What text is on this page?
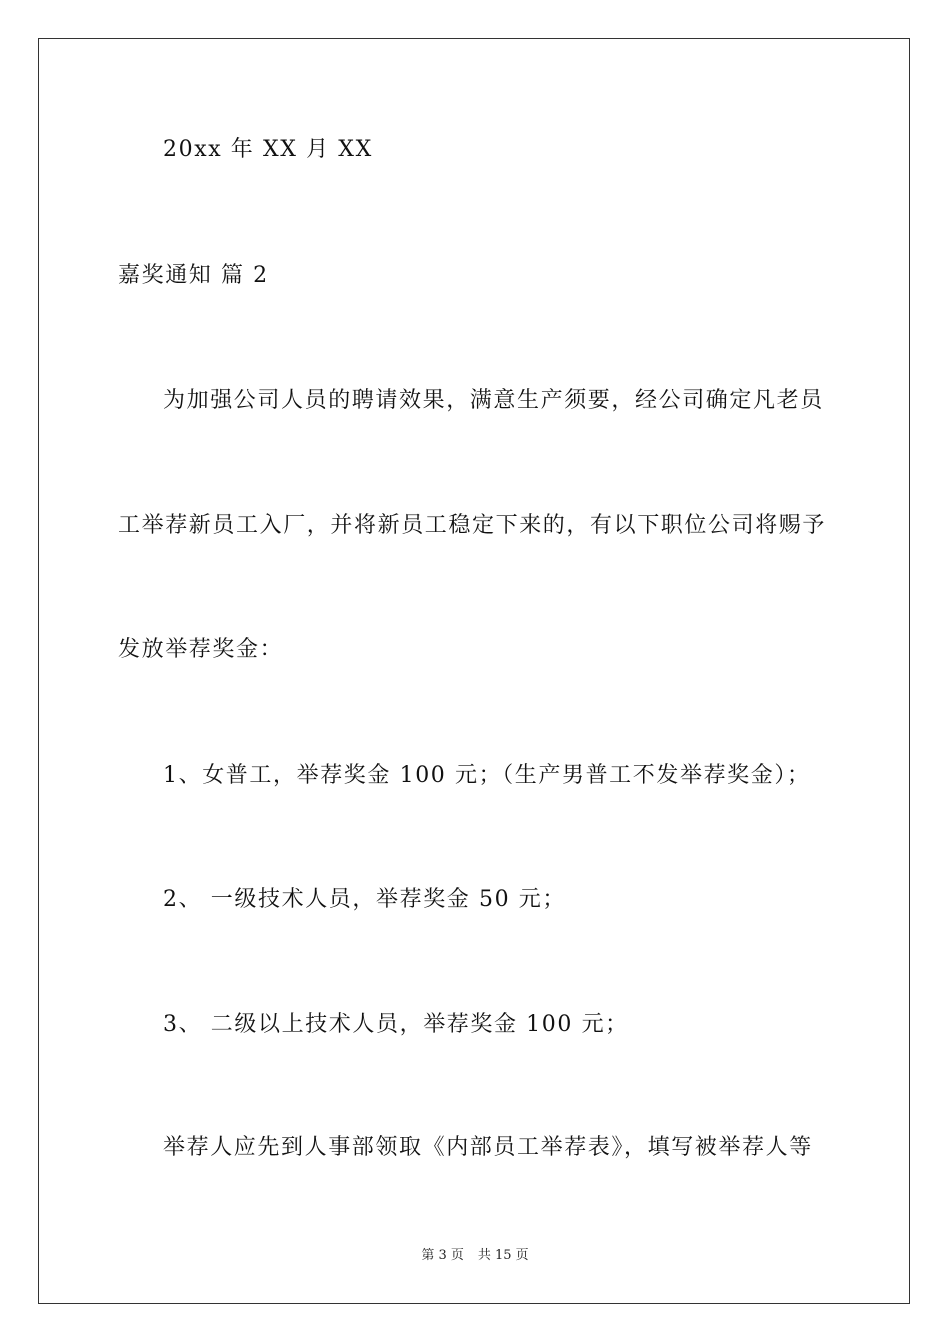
20xx 年 XX 月 XX
嘉奖通知 篇 2
为加强公司人员的聘请效果，满意生产须要，经公司确定凡老员
工举荐新员工入厂，并将新员工稳定下来的，有以下职位公司将赐予
发放举荐奖金：
1、女普工，举荐奖金 100 元；（生产男普工不发举荐奖金）；
2、 一级技术人员，举荐奖金 50 元；
3、 二级以上技术人员，举荐奖金 100 元；
举荐人应先到人事部领取《内部员工举荐表》，填写被举荐人等
第 3 页 共 15 页
